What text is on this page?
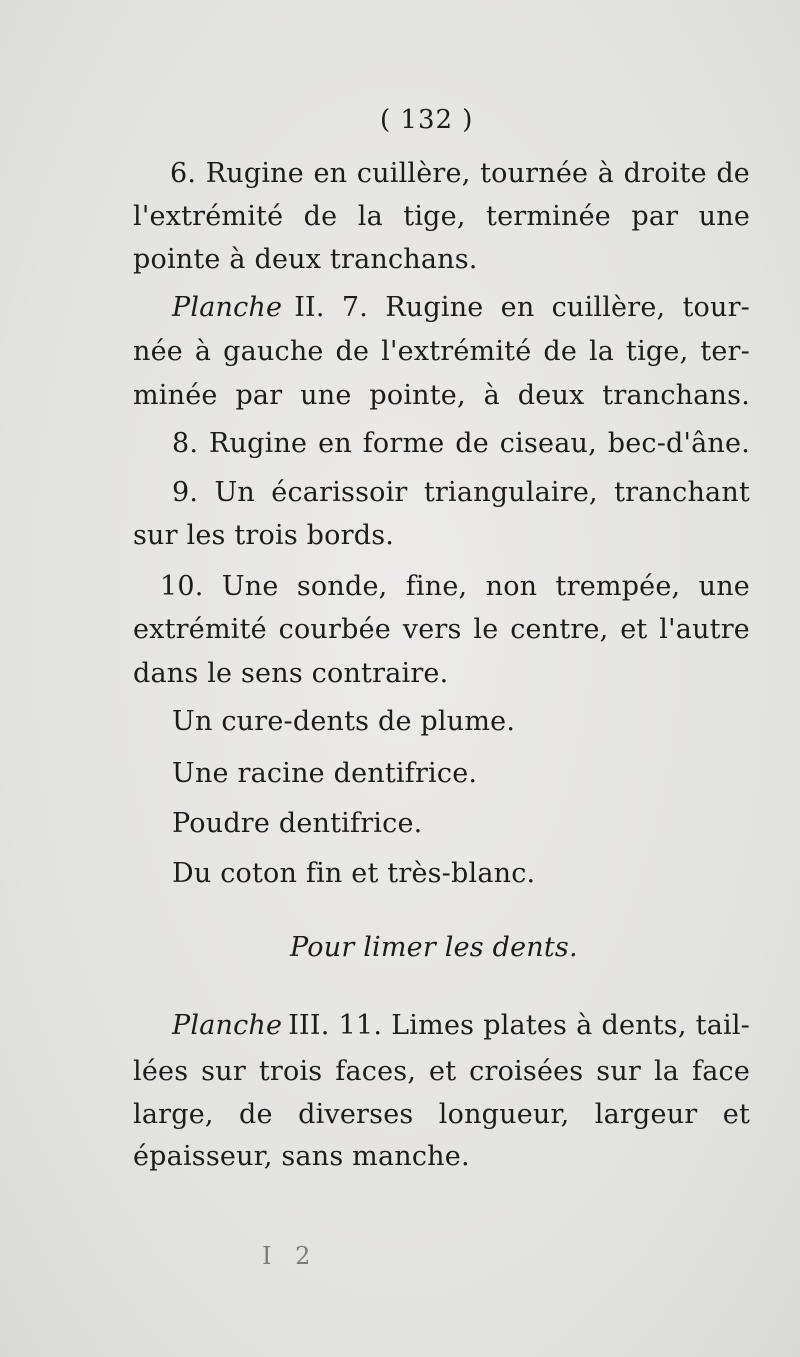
( 132 )
6. Rugine en cuillère, tournée à droite de
l'extrémité de la tige, terminée par une
pointe à deux tranchans.
Planche II. 7. Rugine en cuillère, tour-
née à gauche de l'extrémité de la tige, ter-
minée par une pointe, à deux tranchans.
8. Rugine en forme de ciseau, bec-d'âne.
9. Un écarissoir triangulaire, tranchant
sur les trois bords.
10. Une sonde, fine, non trempée, une
extrémité courbée vers le centre, et l'autre
dans le sens contraire.
Un cure-dents de plume.
Une racine dentifrice.
Poudre dentifrice.
Du coton fin et très-blanc.
Pour limer les dents.
Planche III. 11. Limes plates à dents, tail-
lées sur trois faces, et croisées sur la face
large, de diverses longueur, largeur et
épaisseur, sans manche.
I 2
